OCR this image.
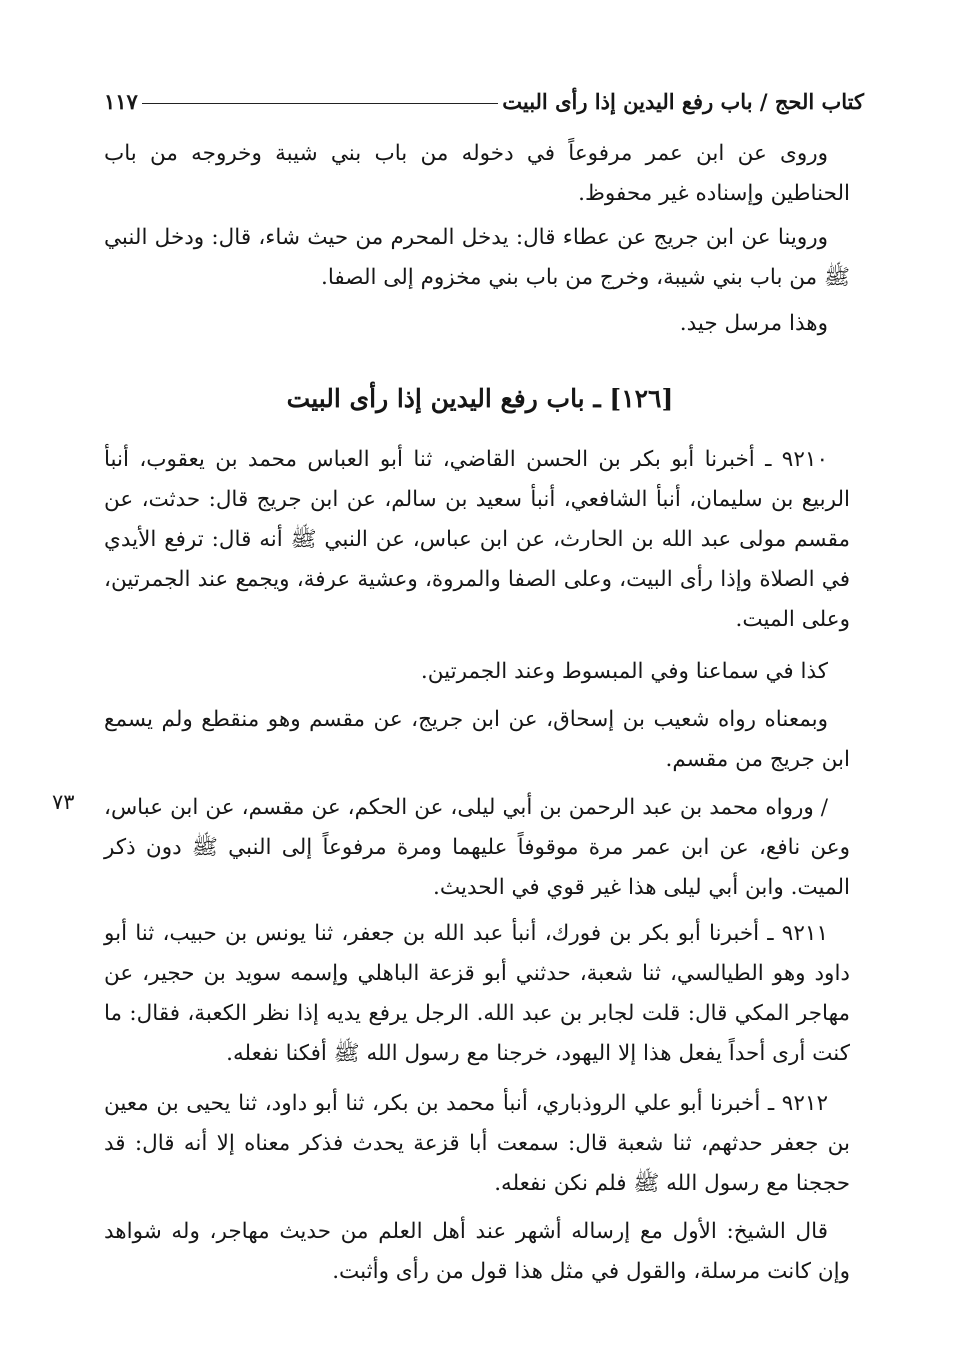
كتاب الحج / باب رفع اليدين إذا رأى البيت
١١٧

وروى عن ابن عمر مرفوعاً في دخوله من باب بني شيبة وخروجه من باب الحناطين وإسناده غير محفوظ.

وروينا عن ابن جريج عن عطاء قال: يدخل المحرم من حيث شاء، قال: ودخل النبي ﷺ من باب بني شيبة، وخرج من باب بني مخزوم إلى الصفا.

وهذا مرسل جيد.

[١٢٦] ـ باب رفع اليدين إذا رأى البيت

٩٢١٠ ـ أخبرنا أبو بكر بن الحسن القاضي، ثنا أبو العباس محمد بن يعقوب، أنبأ الربيع بن سليمان، أنبأ الشافعي، أنبأ سعيد بن سالم، عن ابن جريج قال: حدثت، عن مقسم مولى عبد الله بن الحارث، عن ابن عباس، عن النبي ﷺ أنه قال: ترفع الأيدي في الصلاة وإذا رأى البيت، وعلى الصفا والمروة، وعشية عرفة، ويجمع عند الجمرتين، وعلى الميت.

كذا في سماعنا وفي المبسوط وعند الجمرتين.

وبمعناه رواه شعيب بن إسحاق، عن ابن جريج، عن مقسم وهو منقطع ولم يسمع ابن جريج من مقسم.

/ ورواه محمد بن عبد الرحمن بن أبي ليلى، عن الحكم، عن مقسم، عن ابن عباس، وعن نافع، عن ابن عمر مرة موقوفاً عليهما ومرة مرفوعاً إلى النبي ﷺ دون ذكر الميت. وابن أبي ليلى هذا غير قوي في الحديث.

٩٢١١ ـ أخبرنا أبو بكر بن فورك، أنبأ عبد الله بن جعفر، ثنا يونس بن حبيب، ثنا أبو داود وهو الطيالسي، ثنا شعبة، حدثني أبو قزعة الباهلي وإسمه سويد بن حجير، عن مهاجر المكي قال: قلت لجابر بن عبد الله. الرجل يرفع يديه إذا نظر الكعبة، فقال: ما كنت أرى أحداً يفعل هذا إلا اليهود، خرجنا مع رسول الله ﷺ أفكنا نفعله.

٩٢١٢ ـ أخبرنا أبو علي الروذباري، أنبأ محمد بن بكر، ثنا أبو داود، ثنا يحيى بن معين بن جعفر حدثهم، ثنا شعبة قال: سمعت أبا قزعة يحدث فذكر معناه إلا أنه قال: قد حججنا مع رسول الله ﷺ فلم نكن نفعله.

قال الشيخ: الأول مع إرساله أشهر عند أهل العلم من حديث مهاجر، وله شواهد وإن كانت مرسلة، والقول في مثل هذا قول من رأى وأثبت.

٧٣
